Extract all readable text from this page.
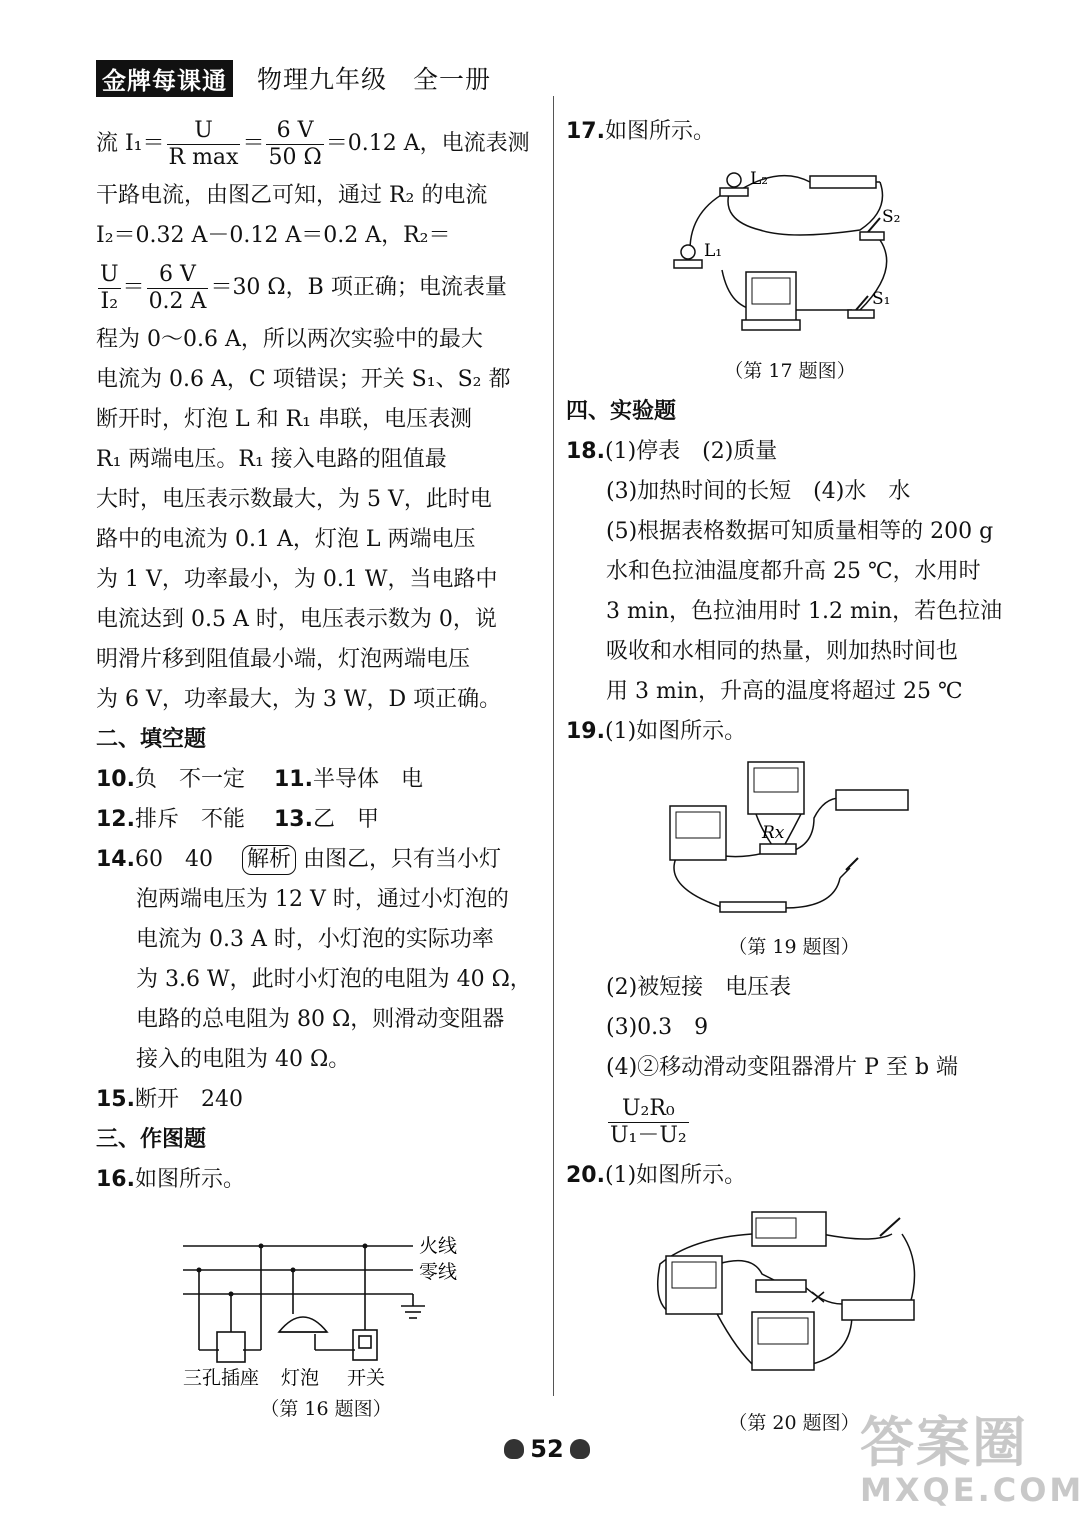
金牌每课通 物理九年级　全一册
流 $I_1= \frac{U}{\text{R max}} = \frac{6 V}{50 \Omega} =0.12$ A，电流表测
干路电流，由图乙可知，通过 R₂ 的电流
I₂＝0.32 A－0.12 A＝0.2 A，R₂＝
$\frac{U}{\text{I₂}} = \frac{6 V}{0.2 A} =30$ Ω，B 项正确；电流表量
程为 0～0.6 A，所以两次实验中的最大
电流为 0.6 A，C 项错误；开关 S₁、S₂ 都
断开时，灯泡 L 和 R₁ 串联，电压表测
R₁ 两端电压。R₁ 接入电路的阻值最
大时，电压表示数最大，为 5 V，此时电
路中的电流为 0.1 A，灯泡 L 两端电压
为 1 V，功率最小，为 0.1 W，当电路中
电流达到 0.5 A 时，电压表示数为 0，说
明滑片移到阻值最小端，灯泡两端电压
为 6 V，功率最大，为 3 W，D 项正确。
二、填空题
10.负　不一定　 11.半导体　电
12.排斥　不能　 13.乙　甲
14.60　40　 解析 由图乙，只有当小灯
泡两端电压为 12 V 时，通过小灯泡的
电流为 0.3 A 时，小灯泡的实际功率
为 3.6 W，此时小灯泡的电阻为 40 Ω，
电路的总电阻为 80 Ω，则滑动变阻器
接入的电阻为 40 Ω。
15.断开　240
三、作图题
16.如图所示。
火线
零线
三孔插座 灯泡 开关
（第 16 题图）
17.如图所示。
L₂
L₁
S₂
S₁
（第 17 题图）
四、实验题
18.(1)停表　(2)质量
(3)加热时间的长短　(4)水　水
(5)根据表格数据可知质量相等的 200 g
水和色拉油温度都升高 25 ℃，水用时
3 min，色拉油用时 1.2 min，若色拉油
吸收和水相同的热量，则加热时间也
用 3 min，升高的温度将超过 25 ℃
19.(1)如图所示。
Rx
（第 19 题图）
(2)被短接　电压表
(3)0.3　9
(4)②移动滑动变阻器滑片 P 至 b 端
$\frac{\text{U₂R₀}}{\text{U₁－U₂}}$
20.(1)如图所示。
（第 20 题图）
52	答案圈
MXQE.COM
